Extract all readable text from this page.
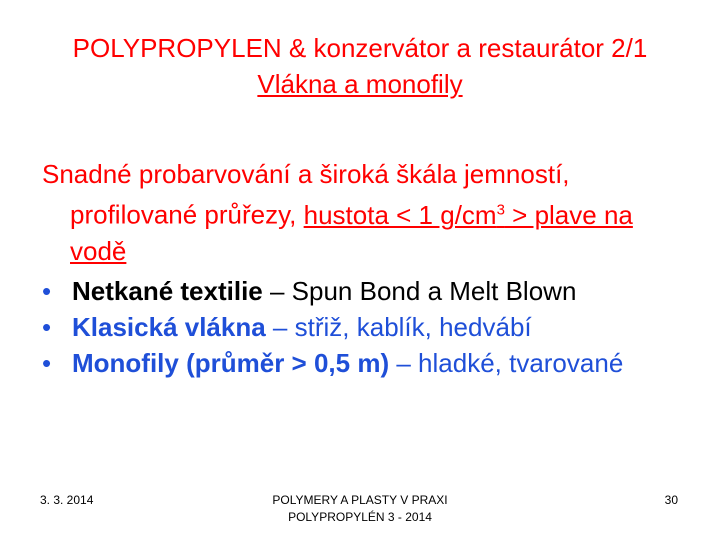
POLYPROPYLEN & konzervátor a restaurátor 2/1
Vlákna a monofily
Snadné probarvování a široká škála jemností, profilované průřezy, hustota < 1 $g/cm^3$ > plave na vodě
• Netkané textilie – Spun Bond a Melt Blown
• Klasická vlákna – střiž, kablík, hedvábí
• Monofily (průměr > 0,5 m) – hladké, tvarované
3. 3. 2014	POLYMERY A PLASTY V PRAXI
POLYPROPYLÉN 3 - 2014
30
